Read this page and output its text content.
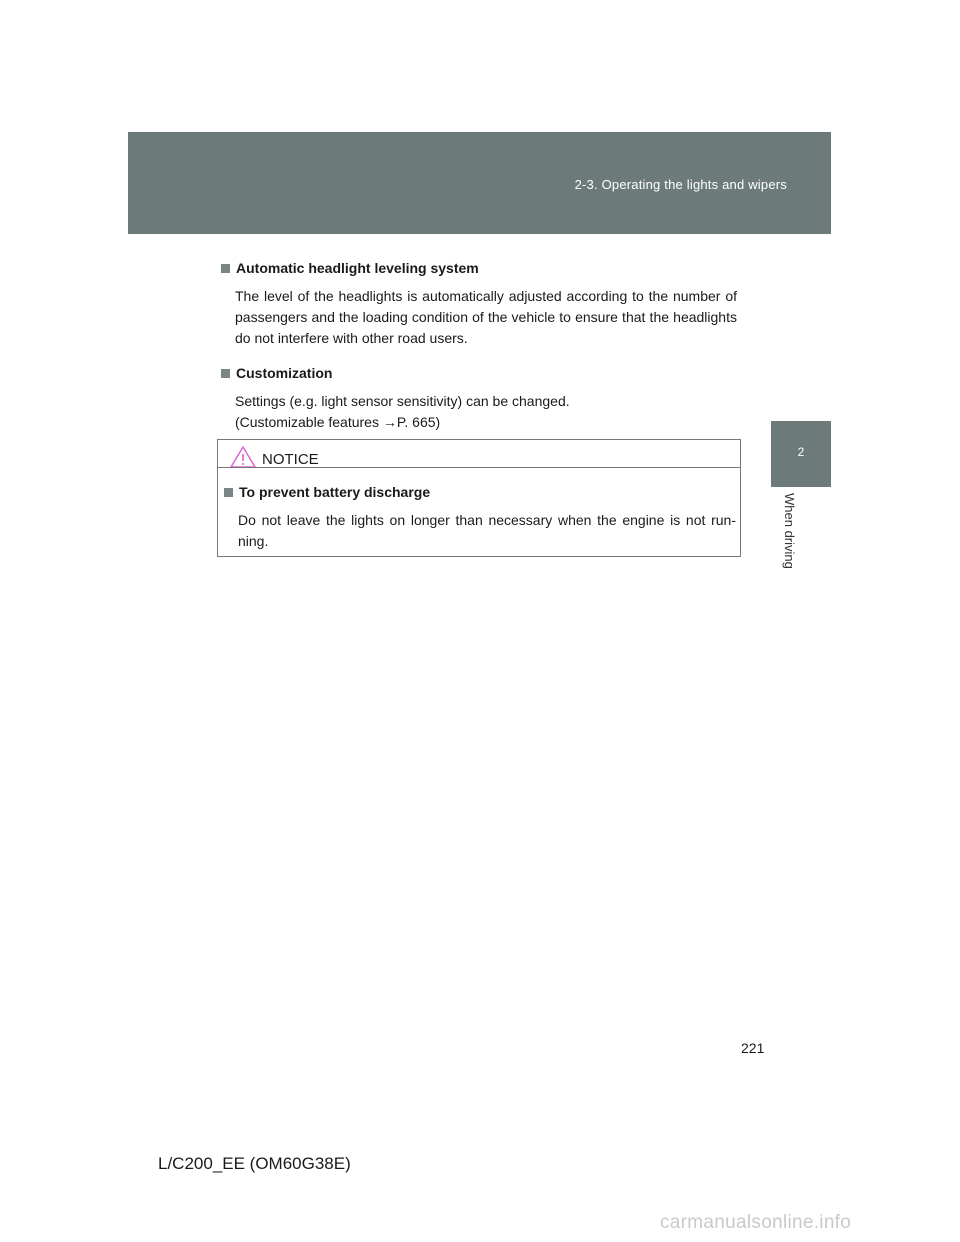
2-3. Operating the lights and wipers
2
When driving
Automatic headlight leveling system

The level of the headlights is automatically adjusted according to the number of passengers and the loading condition of the vehicle to ensure that the headlights do not interfere with other road users.

Customization

Settings (e.g. light sensor sensitivity) can be changed.

(Customizable features →P. 665)

NOTICE
To prevent battery discharge
Do not leave the lights on longer than necessary when the engine is not run-ning.
221
L/C200_EE (OM60G38E)
carmanualsonline.info
